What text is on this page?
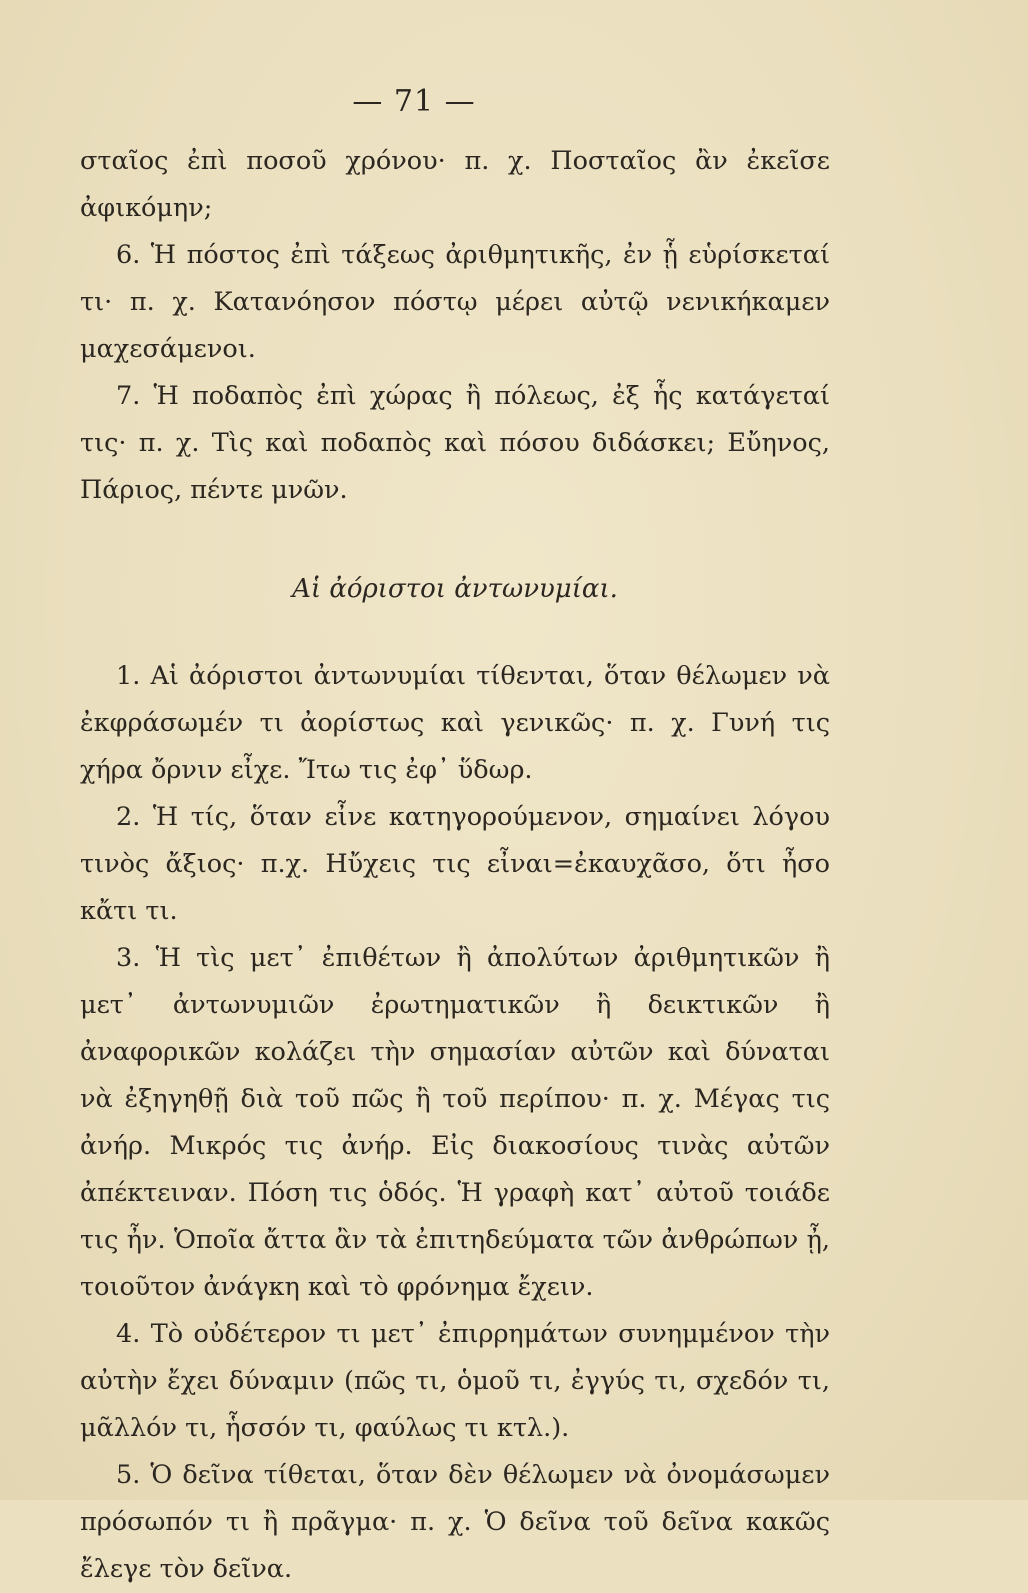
— 71 —

σταῖος ἐπὶ ποσοῦ χρόνου· π. χ. Ποσταῖος ἂν ἐκεῖσε ἀφικόμην;

6. Ἡ πόστος ἐπὶ τάξεως ἀριθμητικῆς, ἐν ᾗ εὑρίσκεταί τι· π. χ. Κατανόησον πόστῳ μέρει αὐτῷ νενικήκαμεν μαχεσάμενοι.

7. Ἡ ποδαπὸς ἐπὶ χώρας ἢ πόλεως, ἐξ ἧς κατάγεταί τις· π. χ. Τὶς καὶ ποδαπὸς καὶ πόσου διδάσκει; Εὔηνος, Πάριος, πέντε μνῶν.

Αἱ ἀόριστοι ἀντωνυμίαι.

1. Αἱ ἀόριστοι ἀντωνυμίαι τίθενται, ὅταν θέλωμεν νὰ ἐκφράσωμέν τι ἀορίστως καὶ γενικῶς· π. χ. Γυνή τις χήρα ὄρνιν εἶχε. Ἴτω τις ἐφ᾽ ὕδωρ.

2. Ἡ τίς, ὅταν εἶνε κατηγορούμενον, σημαίνει λόγου τινὸς ἄξιος· π.χ. Ηὔχεις τις εἶναι=ἐκαυχᾶσο, ὅτι ἦσο κἄτι τι.

3. Ἡ τὶς μετ᾽ ἐπιθέτων ἢ ἀπολύτων ἀριθμητικῶν ἢ μετ᾽ ἀντωνυμιῶν ἐρωτηματικῶν ἢ δεικτικῶν ἢ ἀναφορικῶν κολάζει τὴν σημασίαν αὐτῶν καὶ δύναται νὰ ἐξηγηθῇ διὰ τοῦ πῶς ἢ τοῦ περίπου· π. χ. Μέγας τις ἀνήρ. Μικρός τις ἀνήρ. Εἰς διακοσίους τινὰς αὐτῶν ἀπέκτειναν. Πόση τις ὁδός. Ἡ γραφὴ κατ᾽ αὐτοῦ τοιάδε τις ἦν. Ὁποῖα ἄττα ἂν τὰ ἐπιτηδεύματα τῶν ἀνθρώπων ᾖ, τοιοῦτον ἀνάγκη καὶ τὸ φρόνημα ἔχειν.

4. Τὸ οὐδέτερον τι μετ᾽ ἐπιρρημάτων συνημμένον τὴν αὐτὴν ἔχει δύναμιν (πῶς τι, ὁμοῦ τι, ἐγγύς τι, σχεδόν τι, μᾶλλόν τι, ἧσσόν τι, φαύλως τι κτλ.).

5. Ὁ δεῖνα τίθεται, ὅταν δὲν θέλωμεν νὰ ὀνομάσωμεν πρόσωπόν τι ἢ πρᾶγμα· π. χ. Ὁ δεῖνα τοῦ δεῖνα κακῶς ἔλεγε τὸν δεῖνα.
